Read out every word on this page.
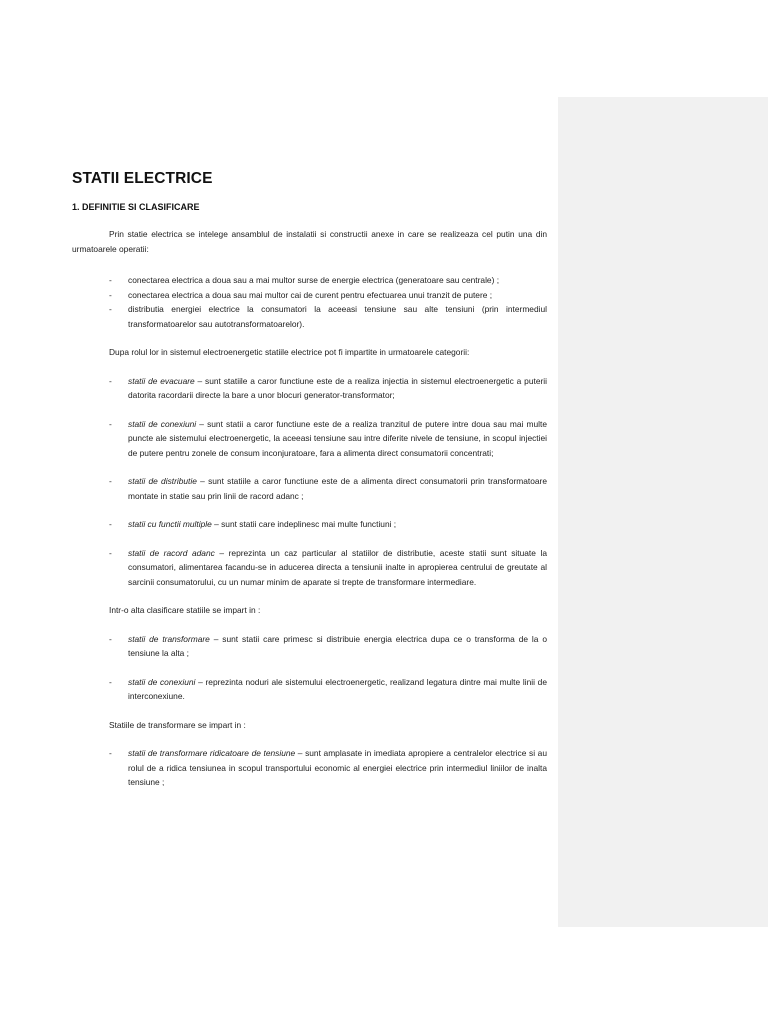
STATII ELECTRICE
1. DEFINITIE SI CLASIFICARE

Prin statie electrica se intelege ansamblul de instalatii si constructii anexe in care se realizeaza cel putin una din urmatoarele operatii:

- conectarea electrica a doua sau a mai multor surse de energie electrica (generatoare sau centrale) ;
- conectarea electrica a doua sau mai multor cai de curent pentru efectuarea unui tranzit de putere ;
- distributia energiei electrice la consumatori la aceeasi tensiune sau alte tensiuni (prin intermediul transformatoarelor sau autotransformatoarelor).

Dupa rolul lor in sistemul electroenergetic statiile electrice pot fi impartite in urmatoarele categorii:

- statii de evacuare – sunt statiile a caror functiune este de a realiza injectia in sistemul electroenergetic a puterii datorita racordarii directe la bare a unor blocuri generator-transformator;
- statii de conexiuni – sunt statii a caror functiune este de a realiza tranzitul de putere intre doua sau mai multe puncte ale sistemului electroenergetic, la aceeasi tensiune sau intre diferite nivele de tensiune, in scopul injectiei de putere pentru zonele de consum inconjuratoare, fara a alimenta direct consumatorii concentrati;
- statii de distributie – sunt statiile a caror functiune este de a alimenta direct consumatorii prin transformatoare montate in statie sau prin linii de racord adanc ;
- statii cu functii multiple – sunt statii care indeplinesc mai multe functiuni ;
- statii de racord adanc – reprezinta un caz particular al statiilor de distributie, aceste statii sunt situate la consumatori, alimentarea facandu-se in aducerea directa a tensiunii inalte in apropierea centrului de greutate al sarcinii consumatorului, cu un numar minim de aparate si trepte de transformare intermediare.

Intr-o alta clasificare statiile se impart in :

- statii de transformare – sunt statii care primesc si distribuie energia electrica dupa ce o transforma de la o tensiune la alta ;
- statii de conexiuni – reprezinta noduri ale sistemului electroenergetic, realizand legatura dintre mai multe linii de interconexiune.

Statiile de transformare se impart in :

- statii de transformare ridicatoare de tensiune – sunt amplasate in imediata apropiere a centralelor electrice si au rolul de a ridica tensiunea in scopul transportului economic al energiei electrice prin intermediul liniilor de inalta tensiune ;
